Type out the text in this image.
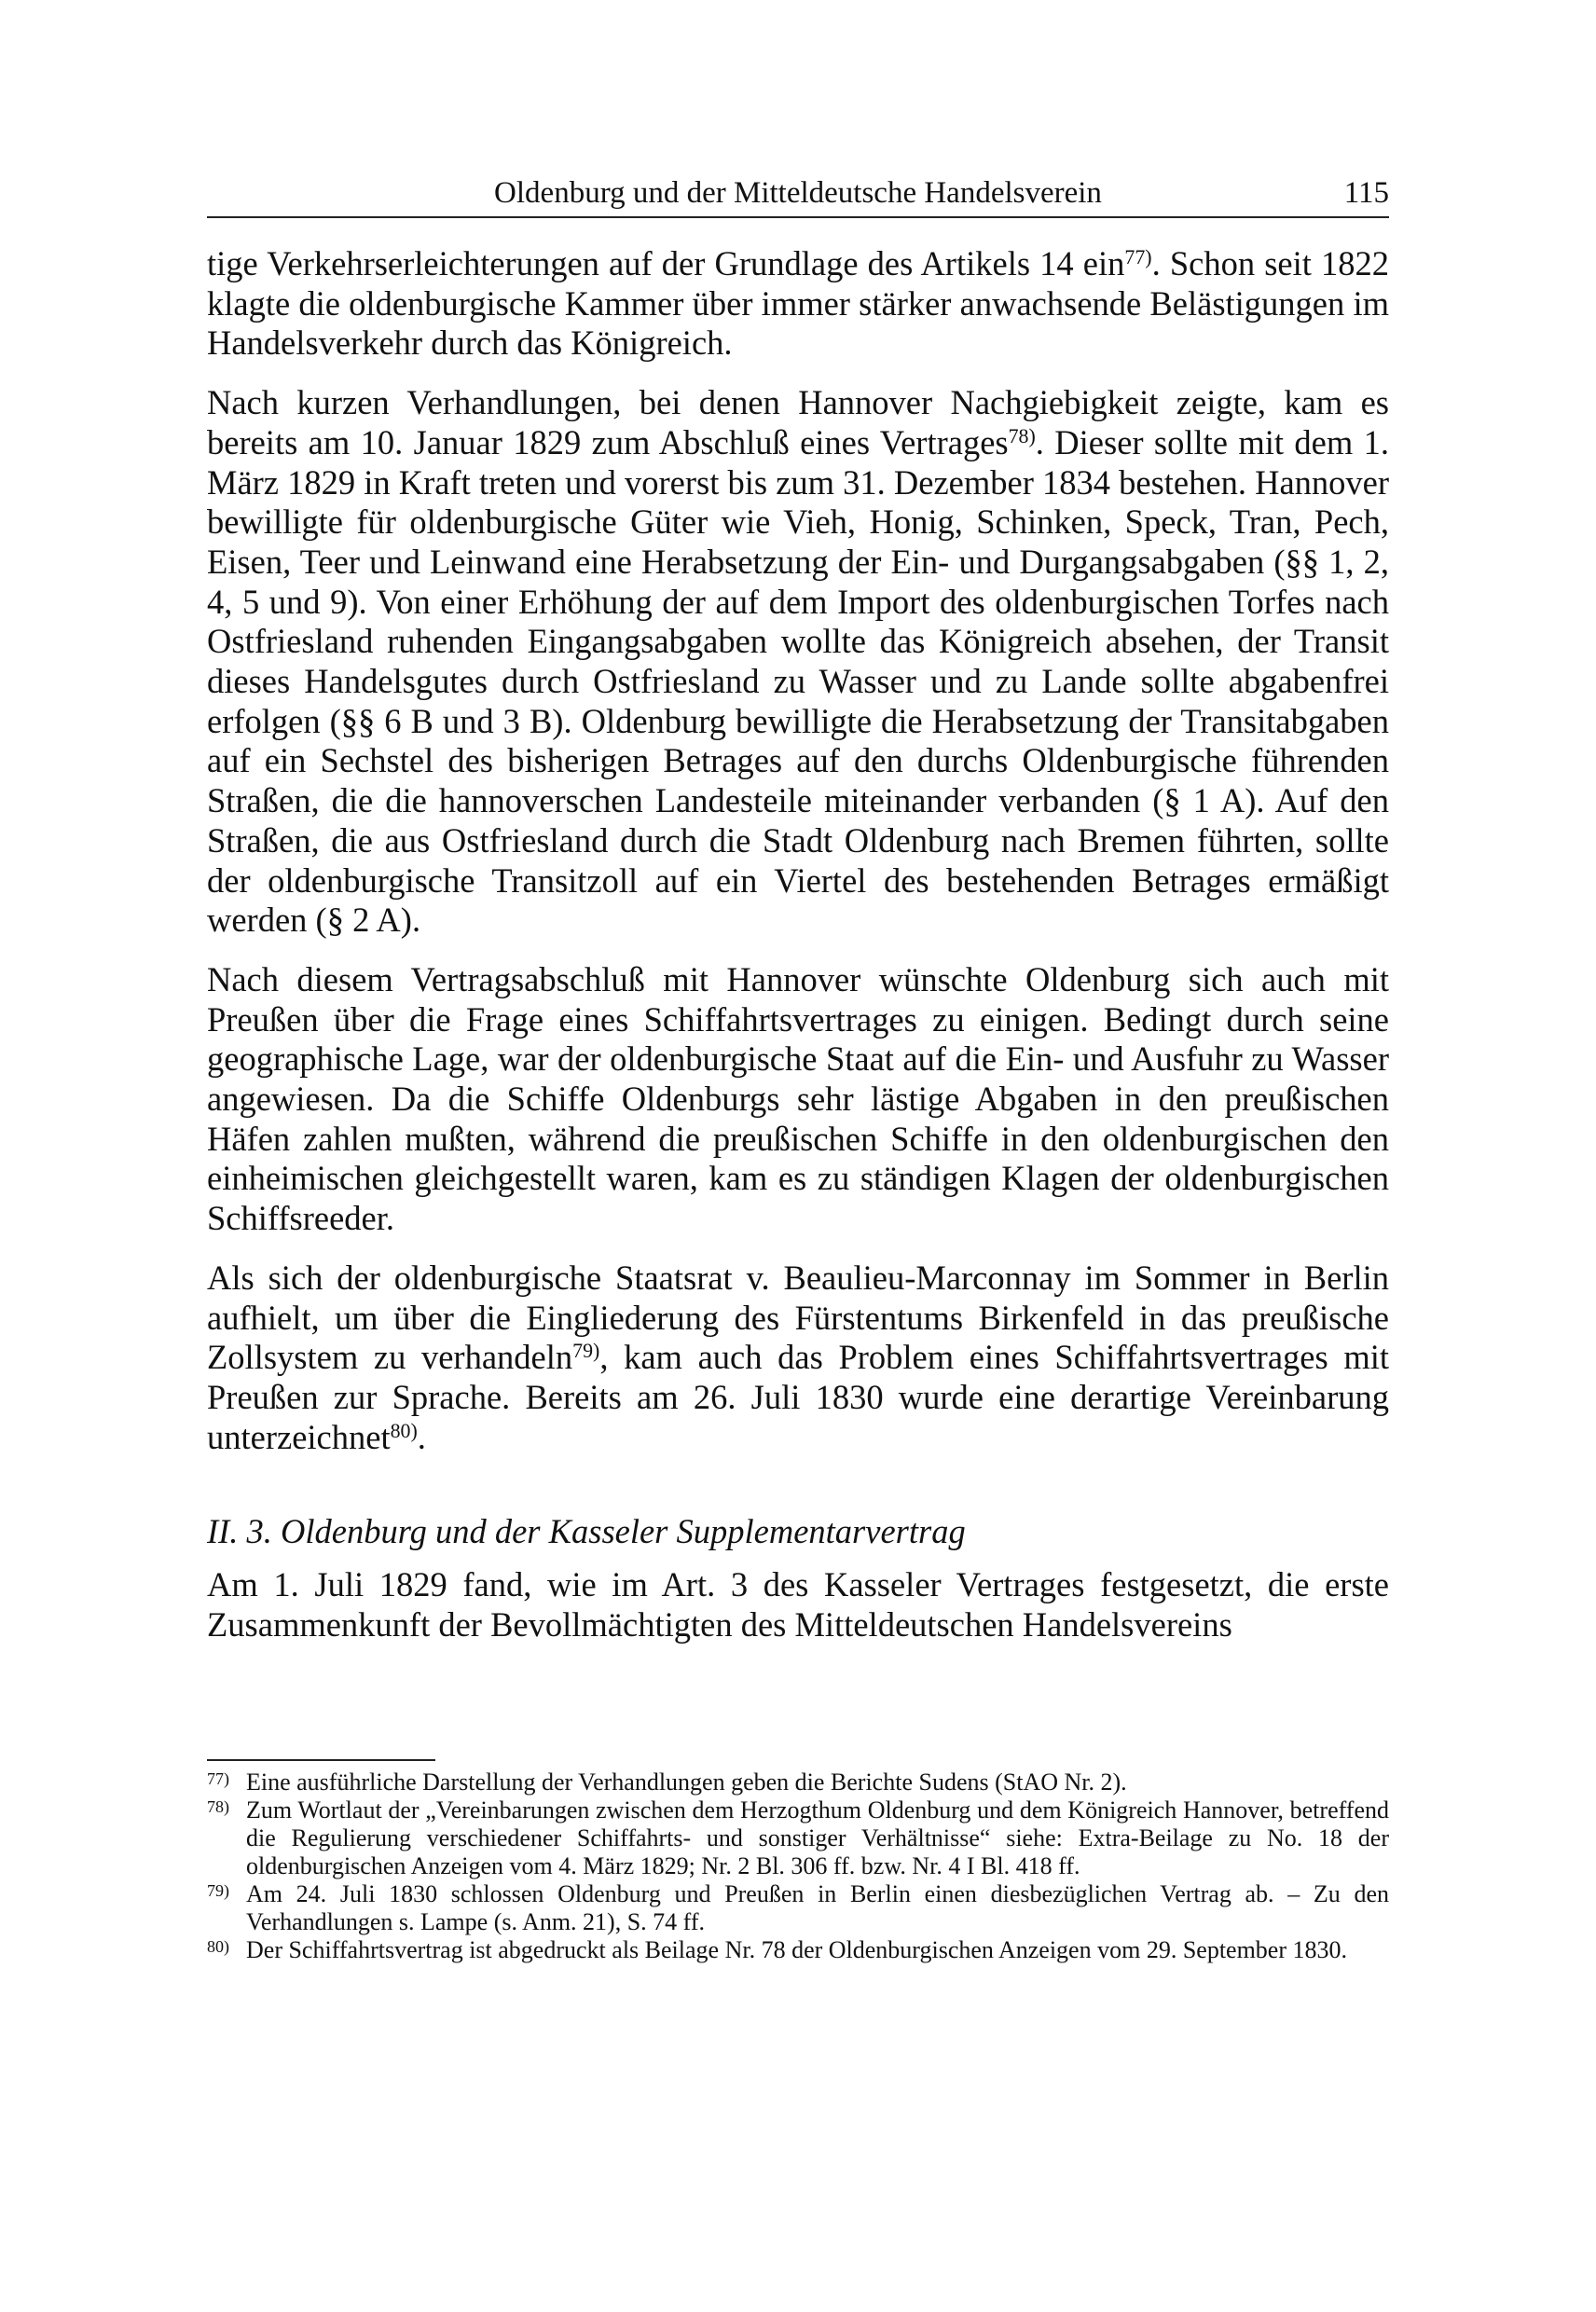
Oldenburg und der Mitteldeutsche Handelsverein	115

tige Verkehrserleichterungen auf der Grundlage des Artikels 14 ein$^{77)}$. Schon seit 1822 klagte die oldenburgische Kammer über immer stärker anwachsende Belästigungen im Handelsverkehr durch das Königreich.

Nach kurzen Verhandlungen, bei denen Hannover Nachgiebigkeit zeigte, kam es bereits am 10. Januar 1829 zum Abschluß eines Vertrages$^{78)}$. Dieser sollte mit dem 1. März 1829 in Kraft treten und vorerst bis zum 31. Dezember 1834 bestehen. Hannover bewilligte für oldenburgische Güter wie Vieh, Honig, Schinken, Speck, Tran, Pech, Eisen, Teer und Leinwand eine Herabsetzung der Ein- und Durgangsabgaben (§§ 1, 2, 4, 5 und 9). Von einer Erhöhung der auf dem Import des oldenburgischen Torfes nach Ostfriesland ruhenden Eingangsabgaben wollte das Königreich absehen, der Transit dieses Handelsgutes durch Ostfriesland zu Wasser und zu Lande sollte abgabenfrei erfolgen (§§ 6 B und 3 B). Oldenburg bewilligte die Herabsetzung der Transitabgaben auf ein Sechstel des bisherigen Betrages auf den durchs Oldenburgische führenden Straßen, die die hannoverschen Landesteile miteinander verbanden (§ 1 A). Auf den Straßen, die aus Ostfriesland durch die Stadt Oldenburg nach Bremen führten, sollte der oldenburgische Transitzoll auf ein Viertel des bestehenden Betrages ermäßigt werden (§ 2 A).

Nach diesem Vertragsabschluß mit Hannover wünschte Oldenburg sich auch mit Preußen über die Frage eines Schiffahrtsvertrages zu einigen. Bedingt durch seine geographische Lage, war der oldenburgische Staat auf die Ein- und Ausfuhr zu Wasser angewiesen. Da die Schiffe Oldenburgs sehr lästige Abgaben in den preußischen Häfen zahlen mußten, während die preußischen Schiffe in den oldenburgischen den einheimischen gleichgestellt waren, kam es zu ständigen Klagen der oldenburgischen Schiffsreeder.

Als sich der oldenburgische Staatsrat v. Beaulieu-Marconnay im Sommer in Berlin aufhielt, um über die Eingliederung des Fürstentums Birkenfeld in das preußische Zollsystem zu verhandeln$^{79)}$, kam auch das Problem eines Schiffahrtsvertrages mit Preußen zur Sprache. Bereits am 26. Juli 1830 wurde eine derartige Vereinbarung unterzeichnet$^{80)}$.

II. 3. Oldenburg und der Kasseler Supplementarvertrag

Am 1. Juli 1829 fand, wie im Art. 3 des Kasseler Vertrages festgesetzt, die erste Zusammenkunft der Bevollmächtigten des Mitteldeutschen Handelsvereins

77) Eine ausführliche Darstellung der Verhandlungen geben die Berichte Sudens (StAO Nr. 2).

78) Zum Wortlaut der „Vereinbarungen zwischen dem Herzogthum Oldenburg und dem Königreich Hannover, betreffend die Regulierung verschiedener Schiffahrts- und sonstiger Verhältnisse“ siehe: Extra-Beilage zu No. 18 der oldenburgischen Anzeigen vom 4. März 1829; Nr. 2 Bl. 306 ff. bzw. Nr. 4 I Bl. 418 ff.

79) Am 24. Juli 1830 schlossen Oldenburg und Preußen in Berlin einen diesbezüglichen Vertrag ab. – Zu den Verhandlungen s. Lampe (s. Anm. 21), S. 74 ff.

80) Der Schiffahrtsvertrag ist abgedruckt als Beilage Nr. 78 der Oldenburgischen Anzeigen vom 29. September 1830.
